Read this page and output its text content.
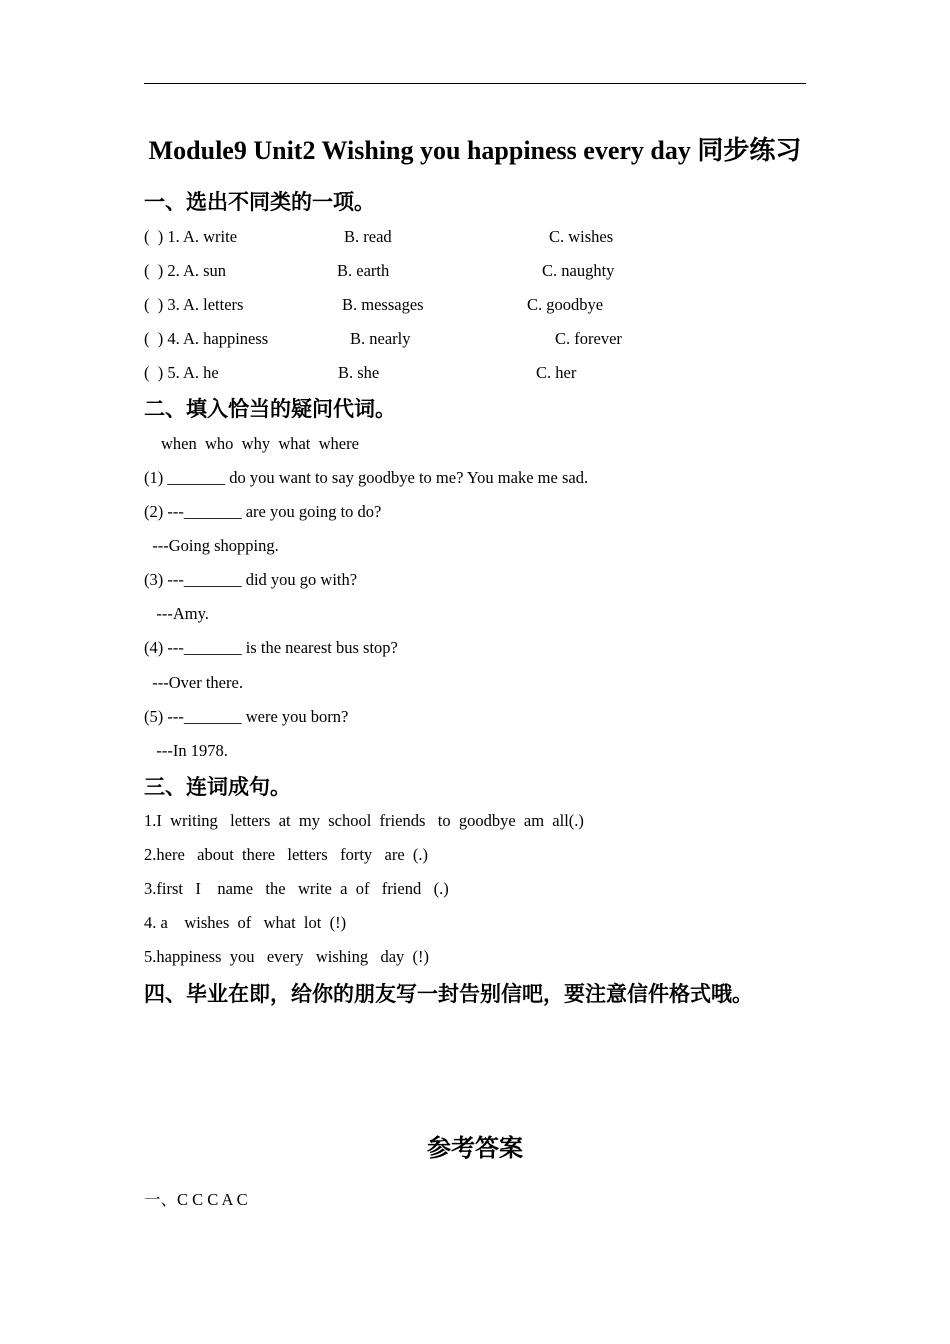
Module9 Unit2 Wishing you happiness every day 同步练习
一、选出不同类的一项。
(  ) 1. A. write	B. read	C. wishes
(  ) 2. A. sun	B. earth	C. naughty
(  ) 3. A. letters	B. messages	C. goodbye
(  ) 4. A. happiness	B. nearly	C. forever
(  ) 5. A. he	B. she	C. her
二、填入恰当的疑问代词。
when  who  why  what  where
(1) _______ do you want to say goodbye to me? You make me sad.
(2) ---_______ are you going to do?
---Going shopping.
(3) ---_______ did you go with?
---Amy.
(4) ---_______ is the nearest bus stop?
---Over there.
(5) ---_______ were you born?
---In 1978.
三、连词成句。
1.I  writing   letters  at  my  school  friends   to  goodbye  am  all(.)
2.here   about  there   letters   forty   are  (.)
3.first   I    name   the   write  a  of   friend   (.)
4. a    wishes  of   what  lot  (!)
5.happiness  you   every   wishing   day  (!)
四、毕业在即，给你的朋友写一封告别信吧，要注意信件格式哦。
参考答案
一、C C C A C
